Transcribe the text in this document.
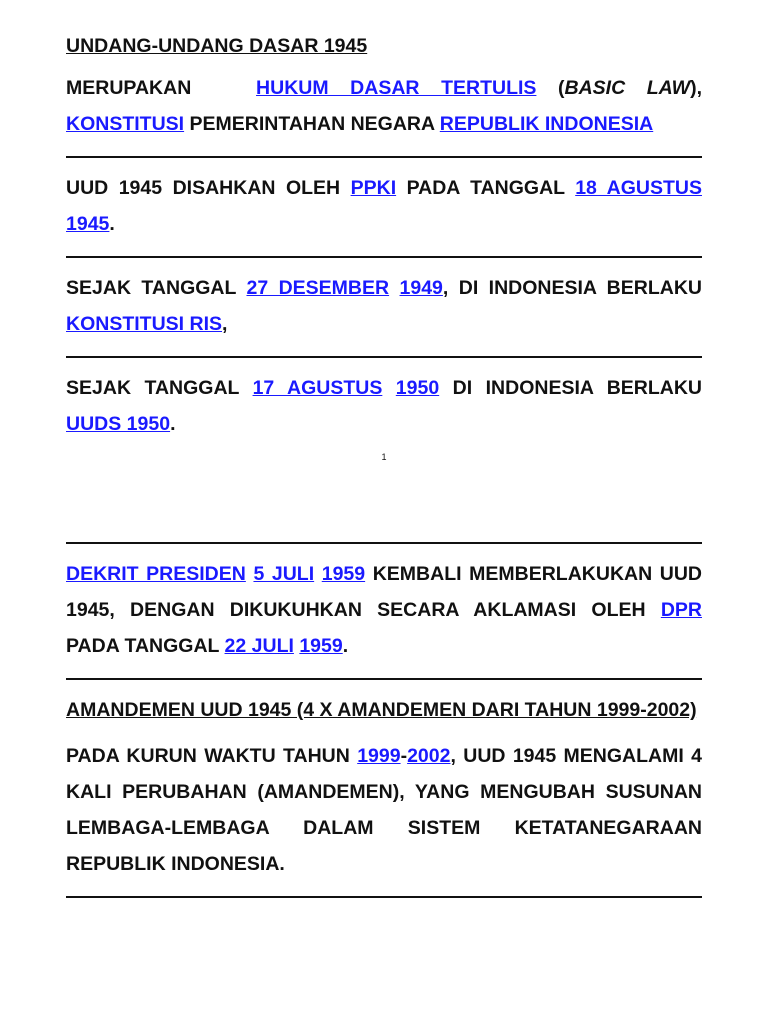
UNDANG-UNDANG DASAR 1945

MERUPAKAN	HUKUM DASAR TERTULIS (BASIC LAW), KONSTITUSI PEMERINTAHAN NEGARA REPUBLIK INDONESIA

UUD 1945 DISAHKAN OLEH PPKI PADA TANGGAL 18 AGUSTUS 1945.

SEJAK TANGGAL 27 DESEMBER 1949, DI INDONESIA BERLAKU KONSTITUSI RIS,

SEJAK TANGGAL 17 AGUSTUS 1950 DI INDONESIA BERLAKU UUDS 1950.

1

DEKRIT PRESIDEN 5 JULI 1959 KEMBALI MEMBERLAKUKAN UUD 1945, DENGAN DIKUKUHKAN SECARA AKLAMASI OLEH DPR PADA TANGGAL 22 JULI 1959.

AMANDEMEN UUD 1945 (4 X AMANDEMEN DARI TAHUN 1999-2002)

PADA KURUN WAKTU TAHUN 1999-2002, UUD 1945 MENGALAMI 4 KALI PERUBAHAN (AMANDEMEN), YANG MENGUBAH SUSUNAN LEMBAGA-LEMBAGA DALAM SISTEM KETATANEGARAAN REPUBLIK INDONESIA.
